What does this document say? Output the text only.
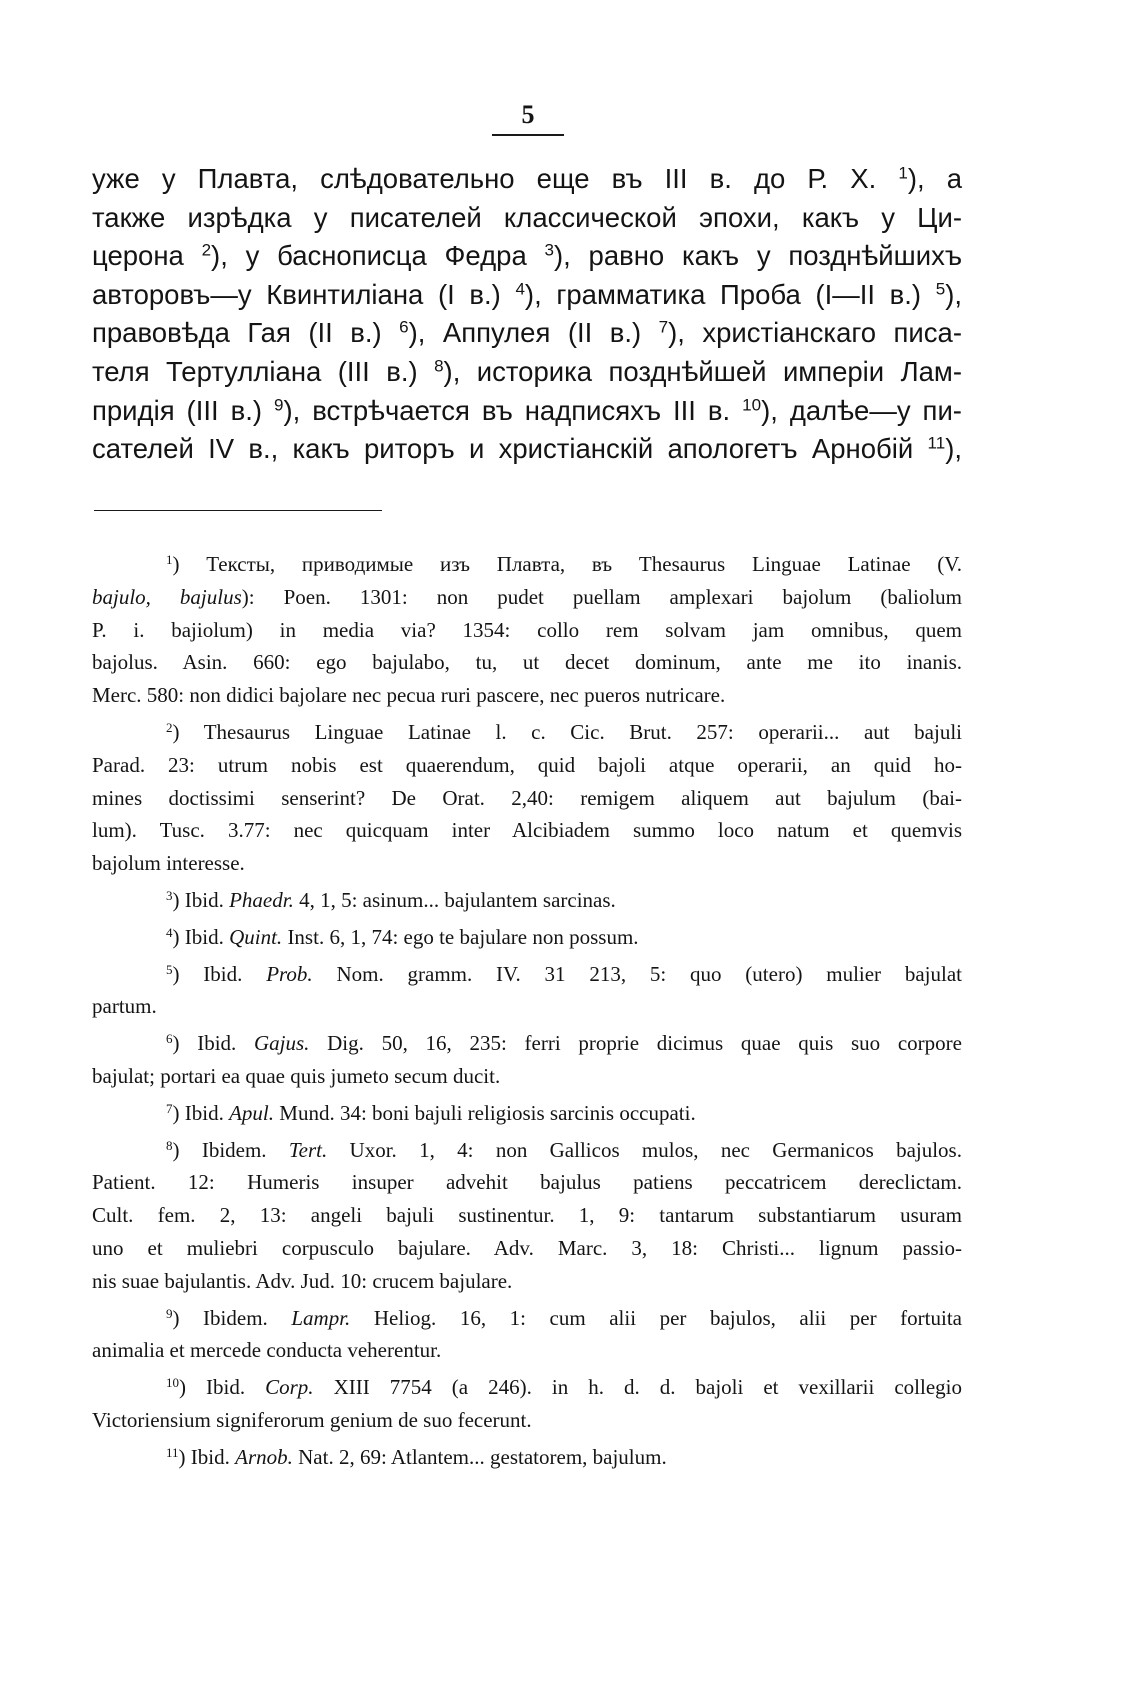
5
уже у Плавта, слѣдовательно еще въ III в. до Р. Х. $^1$), а
также изрѣдка у писателей классической эпохи, какъ у Ци-
церона $^2$), у баснописца Федра $^3$), равно какъ у позднѣйшихъ
авторовъ—у Квинтиліана (I в.) $^4$), грамматика Проба (I—II в.) $^5$),
правовѣда Гая (II в.) $^6$), Аппулея (II в.) $^7$), христіанскаго писа-
теля Тертулліана (III в.) $^8$), историка позднѣйшей имперіи Лам-
придія (III в.) $^9$), встрѣчается въ надписяхъ III в. $^{10}$), далѣе—у пи-
сателей IV в., какъ риторъ и христіанскій апологетъ Арнобій $^{11}$),
$^1$) Тексты, приводимые изъ Плавта, въ Thesaurus Linguae Latinae (V.
bajulo, bajulus): Poen. 1301: non pudet puellam amplexari bajolum (baliolum
P. i. bajiolum) in media via? 1354: collo rem solvam jam omnibus, quem
bajolus. Asin. 660: ego bajulabo, tu, ut decet dominum, ante me ito inanis.
Merc. 580: non didici bajolare nec pecua ruri pascere, nec pueros nutricare.
$^2$) Thesaurus Linguae Latinae l. c. Cic. Brut. 257: operarii... aut bajuli
Parad. 23: utrum nobis est quaerendum, quid bajoli atque operarii, an quid ho-
mines doctissimi senserint? De Orat. 2,40: remigem aliquem aut bajulum (bai-
lum). Tusc. 3.77: nec quicquam inter Alcibiadem summo loco natum et quemvis
bajolum interesse.
$^3$) Ibid. Phaedr. 4, 1, 5: asinum... bajulantem sarcinas.
$^4$) Ibid. Quint. Inst. 6, 1, 74: ego te bajulare non possum.
$^5$) Ibid. Prob. Nom. gramm. IV. 31 213, 5: quo (utero) mulier bajulat
partum.
$^6$) Ibid. Gajus. Dig. 50, 16, 235: ferri proprie dicimus quae quis suo corpore
bajulat; portari ea quae quis jumeto secum ducit.
$^7$) Ibid. Apul. Mund. 34: boni bajuli religiosis sarcinis occupati.
$^8$) Ibidem. Tert. Uxor. 1, 4: non Gallicos mulos, nec Germanicos bajulos.
Patient. 12: Humeris insuper advehit bajulus patiens peccatricem dereclictam.
Cult. fem. 2, 13: angeli bajuli sustinentur. 1, 9: tantarum substantiarum usuram
uno et muliebri corpusculo bajulare. Adv. Marc. 3, 18: Christi... lignum passio-
nis suae bajulantis. Adv. Jud. 10: crucem bajulare.
$^9$) Ibidem. Lampr. Heliog. 16, 1: cum alii per bajulos, alii per fortuita
animalia et mercede conducta veherentur.
$^{10}$) Ibid. Corp. XIII 7754 (a 246). in h. d. d. bajoli et vexillarii collegio
Victoriensium signiferorum genium de suo fecerunt.
$^{11}$) Ibid. Arnob. Nat. 2, 69: Atlantem... gestatorem, bajulum.
